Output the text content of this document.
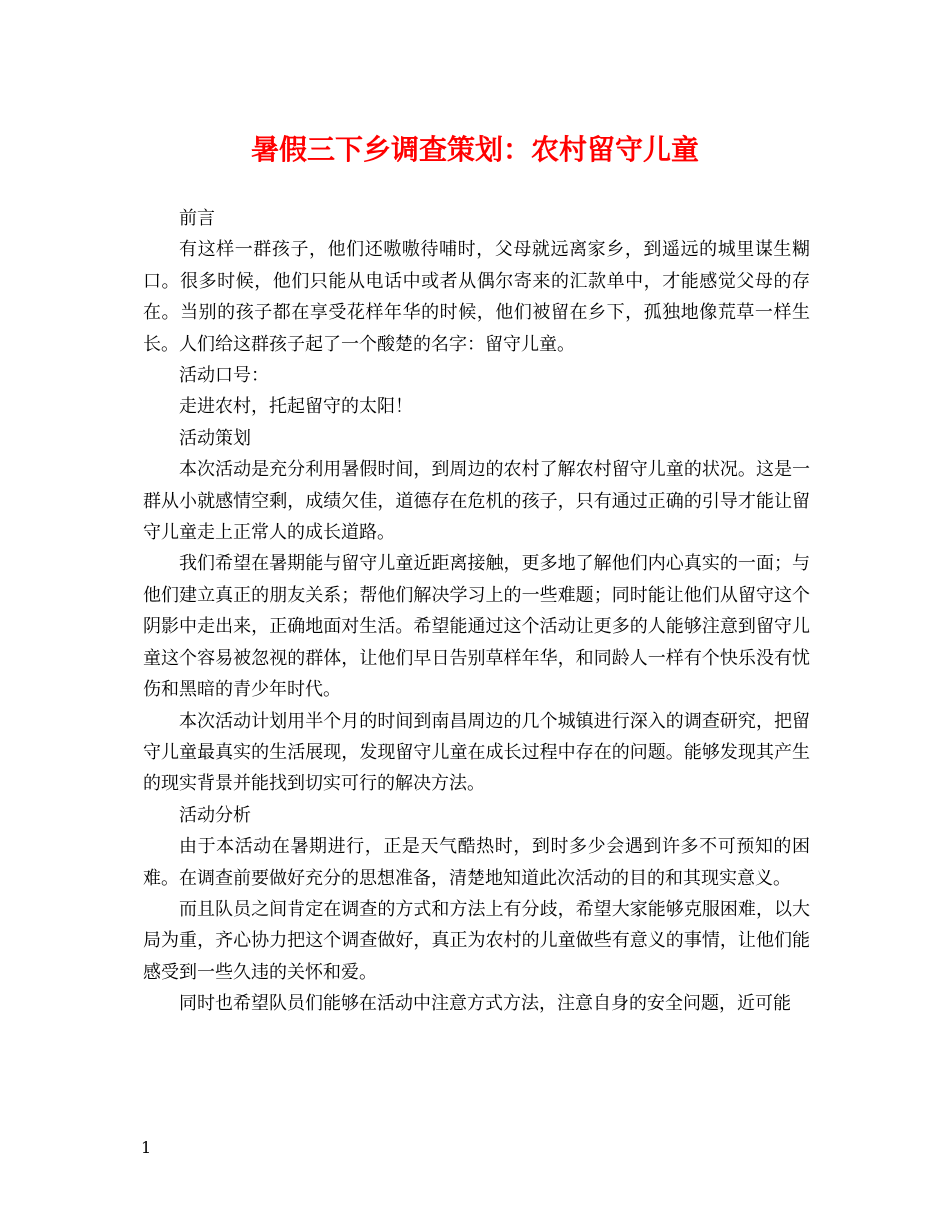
暑假三下乡调查策划：农村留守儿童

前言

有这样一群孩子，他们还嗷嗷待哺时，父母就远离家乡，到遥远的城里谋生糊口。很多时候，他们只能从电话中或者从偶尔寄来的汇款单中，才能感觉父母的存在。当别的孩子都在享受花样年华的时候，他们被留在乡下，孤独地像荒草一样生长。人们给这群孩子起了一个酸楚的名字：留守儿童。

活动口号：

走进农村，托起留守的太阳！

活动策划

本次活动是充分利用暑假时间，到周边的农村了解农村留守儿童的状况。这是一群从小就感情空剩，成绩欠佳，道德存在危机的孩子，只有通过正确的引导才能让留守儿童走上正常人的成长道路。

我们希望在暑期能与留守儿童近距离接触，更多地了解他们内心真实的一面；与他们建立真正的朋友关系；帮他们解决学习上的一些难题；同时能让他们从留守这个阴影中走出来，正确地面对生活。希望能通过这个活动让更多的人能够注意到留守儿童这个容易被忽视的群体，让他们早日告别草样年华，和同龄人一样有个快乐没有忧伤和黑暗的青少年时代。

本次活动计划用半个月的时间到南昌周边的几个城镇进行深入的调查研究，把留守儿童最真实的生活展现，发现留守儿童在成长过程中存在的问题。能够发现其产生的现实背景并能找到切实可行的解决方法。

活动分析

由于本活动在暑期进行，正是天气酷热时，到时多少会遇到许多不可预知的困难。在调查前要做好充分的思想准备，清楚地知道此次活动的目的和其现实意义。

而且队员之间肯定在调查的方式和方法上有分歧，希望大家能够克服困难，以大局为重，齐心协力把这个调查做好，真正为农村的儿童做些有意义的事情，让他们能感受到一些久违的关怀和爱。

同时也希望队员们能够在活动中注意方式方法，注意自身的安全问题，近可能

1
